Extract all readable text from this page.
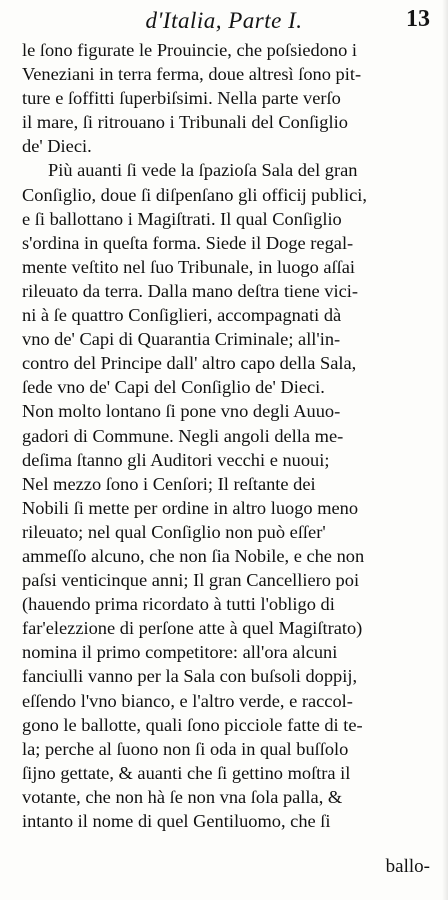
d'Italia, Parte I.	13
le ſono figurate le Prouincie, che poſsiedono i
Veneziani in terra ferma, doue altresì ſono pit-
ture e ſoffitti ſuperbiſsimi. Nella parte verſo
il mare, ſi ritrouano i Tribunali del Conſiglio
de' Dieci.
Più auanti ſi vede la ſpazioſa Sala del gran
Conſiglio, doue ſi diſpenſano gli officij publici,
e ſi ballottano i Magiſtrati. Il qual Conſiglio
s'ordina in queſta forma. Siede il Doge regal-
mente veſtito nel ſuo Tribunale, in luogo aſſai
rileuato da terra. Dalla mano deſtra tiene vici-
ni à ſe quattro Conſiglieri, accompagnati dà
vno de' Capi di Quarantia Criminale; all'in-
contro del Principe dall' altro capo della Sala,
ſede vno de' Capi del Conſiglio de' Dieci.
Non molto lontano ſi pone vno degli Auuo-
gadori di Commune. Negli angoli della me-
deſima ſtanno gli Auditori vecchi e nuoui;
Nel mezzo ſono i Cenſori; Il reſtante dei
Nobili ſi mette per ordine in altro luogo meno
rileuato; nel qual Conſiglio non può eſſer'
ammeſſo alcuno, che non ſia Nobile, e che non
paſsi venticinque anni; Il gran Cancelliero poi
(hauendo prima ricordato à tutti l'obligo di
far'elezzione di perſone atte à quel Magiſtrato)
nomina il primo competitore: all'ora alcuni
fanciulli vanno per la Sala con buſsoli doppij,
eſſendo l'vno bianco, e l'altro verde, e raccol-
gono le ballotte, quali ſono picciole fatte di te-
la; perche al ſuono non ſi oda in qual buſſolo
ſijno gettate, & auanti che ſi gettino moſtra il
votante, che non hà ſe non vna ſola palla, &
intanto il nome di quel Gentiluomo, che ſi
ballo-
